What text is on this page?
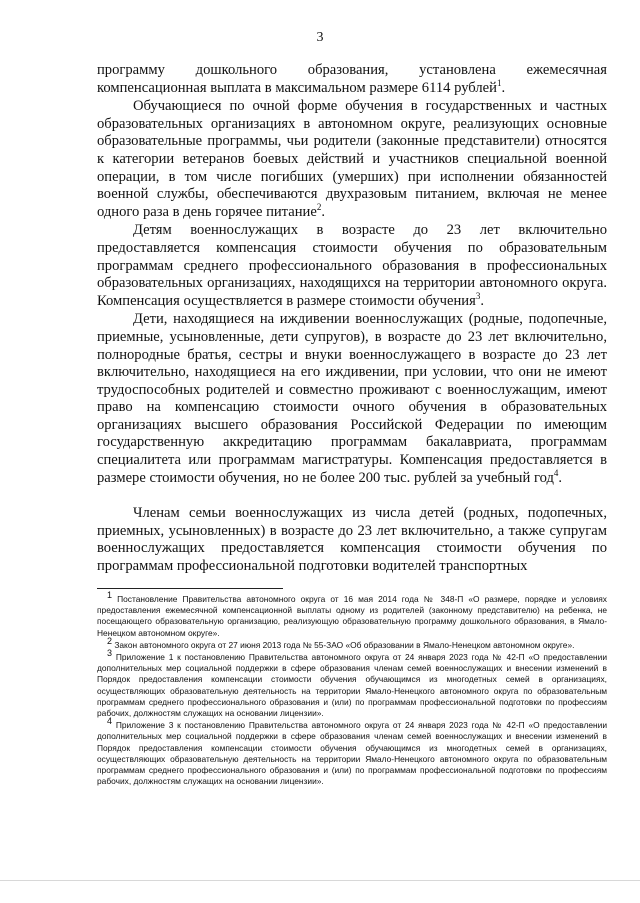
3

программу дошкольного образования, установлена ежемесячная компенсационная выплата в максимальном размере 6114 рублей$^1$.

Обучающиеся по очной форме обучения в государственных и частных образовательных организациях в автономном округе, реализующих основные образовательные программы, чьи родители (законные представители) относятся к категории ветеранов боевых действий и участников специальной военной операции, в том числе погибших (умерших) при исполнении обязанностей военной службы, обеспечиваются двухразовым питанием, включая не менее одного раза в день горячее питание$^2$.

Детям военнослужащих в возрасте до 23 лет включительно предоставляется компенсация стоимости обучения по образовательным программам среднего профессионального образования в профессиональных образовательных организациях, находящихся на территории автономного округа. Компенсация осуществляется в размере стоимости обучения$^3$.

Дети, находящиеся на иждивении военнослужащих (родные, подопечные, приемные, усыновленные, дети супругов), в возрасте до 23 лет включительно, полнородные братья, сестры и внуки военнослужащего в возрасте до 23 лет включительно, находящиеся на его иждивении, при условии, что они не имеют трудоспособных родителей и совместно проживают с военнослужащим, имеют право на компенсацию стоимости очного обучения в образовательных организациях высшего образования Российской Федерации по имеющим государственную аккредитацию программам бакалавриата, программам специалитета или программам магистратуры. Компенсация предоставляется в размере стоимости обучения, но не более 200 тыс. рублей за учебный год$^4$.

Членам семьи военнослужащих из числа детей (родных, подопечных, приемных, усыновленных) в возрасте до 23 лет включительно, а также супругам военнослужащих предоставляется компенсация стоимости обучения по программам профессиональной подготовки водителей транспортных

$^1$ Постановление Правительства автономного округа от 16 мая 2014 года № 348-П «О размере, порядке и условиях предоставления ежемесячной компенсационной выплаты одному из родителей (законному представителю) на ребенка, не посещающего образовательную организацию, реализующую образовательную программу дошкольного образования, в Ямало-Ненецком автономном округе».

$^2$ Закон автономного округа от 27 июня 2013 года № 55-ЗАО «Об образовании в Ямало-Ненецком автономном округе».

$^3$ Приложение 1 к постановлению Правительства автономного округа от 24 января 2023 года № 42-П «О предоставлении дополнительных мер социальной поддержки в сфере образования членам семей военнослужащих и внесении изменений в Порядок предоставления компенсации стоимости обучения обучающимся из многодетных семей в организациях, осуществляющих образовательную деятельность на территории Ямало-Ненецкого автономного округа по образовательным программам среднего профессионального образования и (или) по программам профессиональной подготовки по профессиям рабочих, должностям служащих на основании лицензии».

$^4$ Приложение 3 к постановлению Правительства автономного округа от 24 января 2023 года № 42-П «О предоставлении дополнительных мер социальной поддержки в сфере образования членам семей военнослужащих и внесении изменений в Порядок предоставления компенсации стоимости обучения обучающимся из многодетных семей в организациях, осуществляющих образовательную деятельность на территории Ямало-Ненецкого автономного округа по образовательным программам среднего профессионального образования и (или) по программам профессиональной подготовки по профессиям рабочих, должностям служащих на основании лицензии».
